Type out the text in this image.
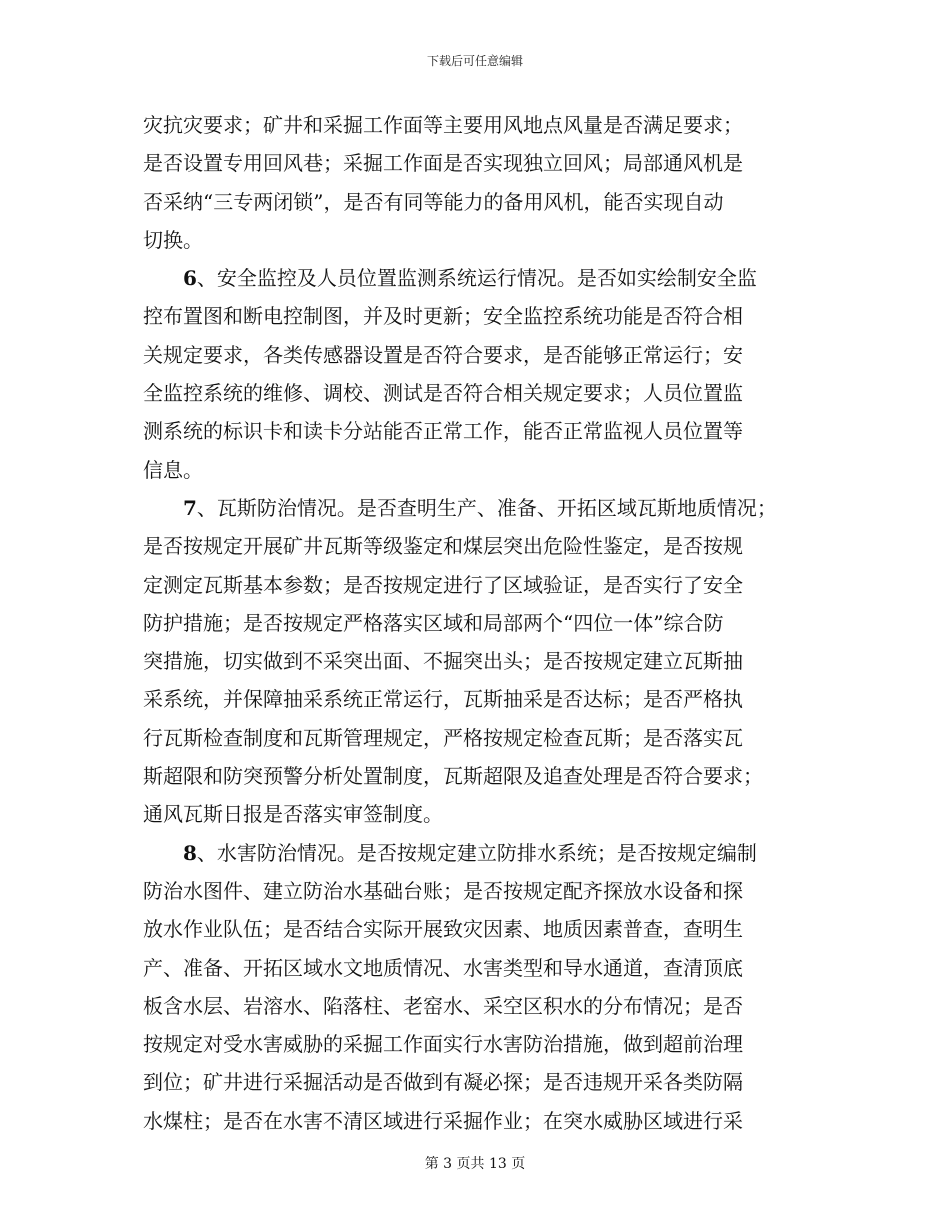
下载后可任意编辑
灾抗灾要求；矿井和采掘工作面等主要用风地点风量是否满足要求；
是否设置专用回风巷；采掘工作面是否实现独立回风；局部通风机是
否采纳“三专两闭锁”，是否有同等能力的备用风机，能否实现自动
切换。
6、安全监控及人员位置监测系统运行情况。是否如实绘制安全监
控布置图和断电控制图，并及时更新；安全监控系统功能是否符合相
关规定要求，各类传感器设置是否符合要求，是否能够正常运行；安
全监控系统的维修、调校、测试是否符合相关规定要求；人员位置监
测系统的标识卡和读卡分站能否正常工作，能否正常监视人员位置等
信息。
7、瓦斯防治情况。是否查明生产、准备、开拓区域瓦斯地质情况；
是否按规定开展矿井瓦斯等级鉴定和煤层突出危险性鉴定，是否按规
定测定瓦斯基本参数；是否按规定进行了区域验证，是否实行了安全
防护措施；是否按规定严格落实区域和局部两个“四位一体”综合防
突措施，切实做到不采突出面、不掘突出头；是否按规定建立瓦斯抽
采系统，并保障抽采系统正常运行，瓦斯抽采是否达标；是否严格执
行瓦斯检查制度和瓦斯管理规定，严格按规定检查瓦斯；是否落实瓦
斯超限和防突预警分析处置制度，瓦斯超限及追查处理是否符合要求；
通风瓦斯日报是否落实审签制度。
8、水害防治情况。是否按规定建立防排水系统；是否按规定编制
防治水图件、建立防治水基础台账；是否按规定配齐探放水设备和探
放水作业队伍；是否结合实际开展致灾因素、地质因素普查，查明生
产、准备、开拓区域水文地质情况、水害类型和导水通道，查清顶底
板含水层、岩溶水、陷落柱、老窑水、采空区积水的分布情况；是否
按规定对受水害威胁的采掘工作面实行水害防治措施，做到超前治理
到位；矿井进行采掘活动是否做到有凝必探；是否违规开采各类防隔
水煤柱；是否在水害不清区域进行采掘作业；在突水威胁区域进行采
第 3 页共 13 页
